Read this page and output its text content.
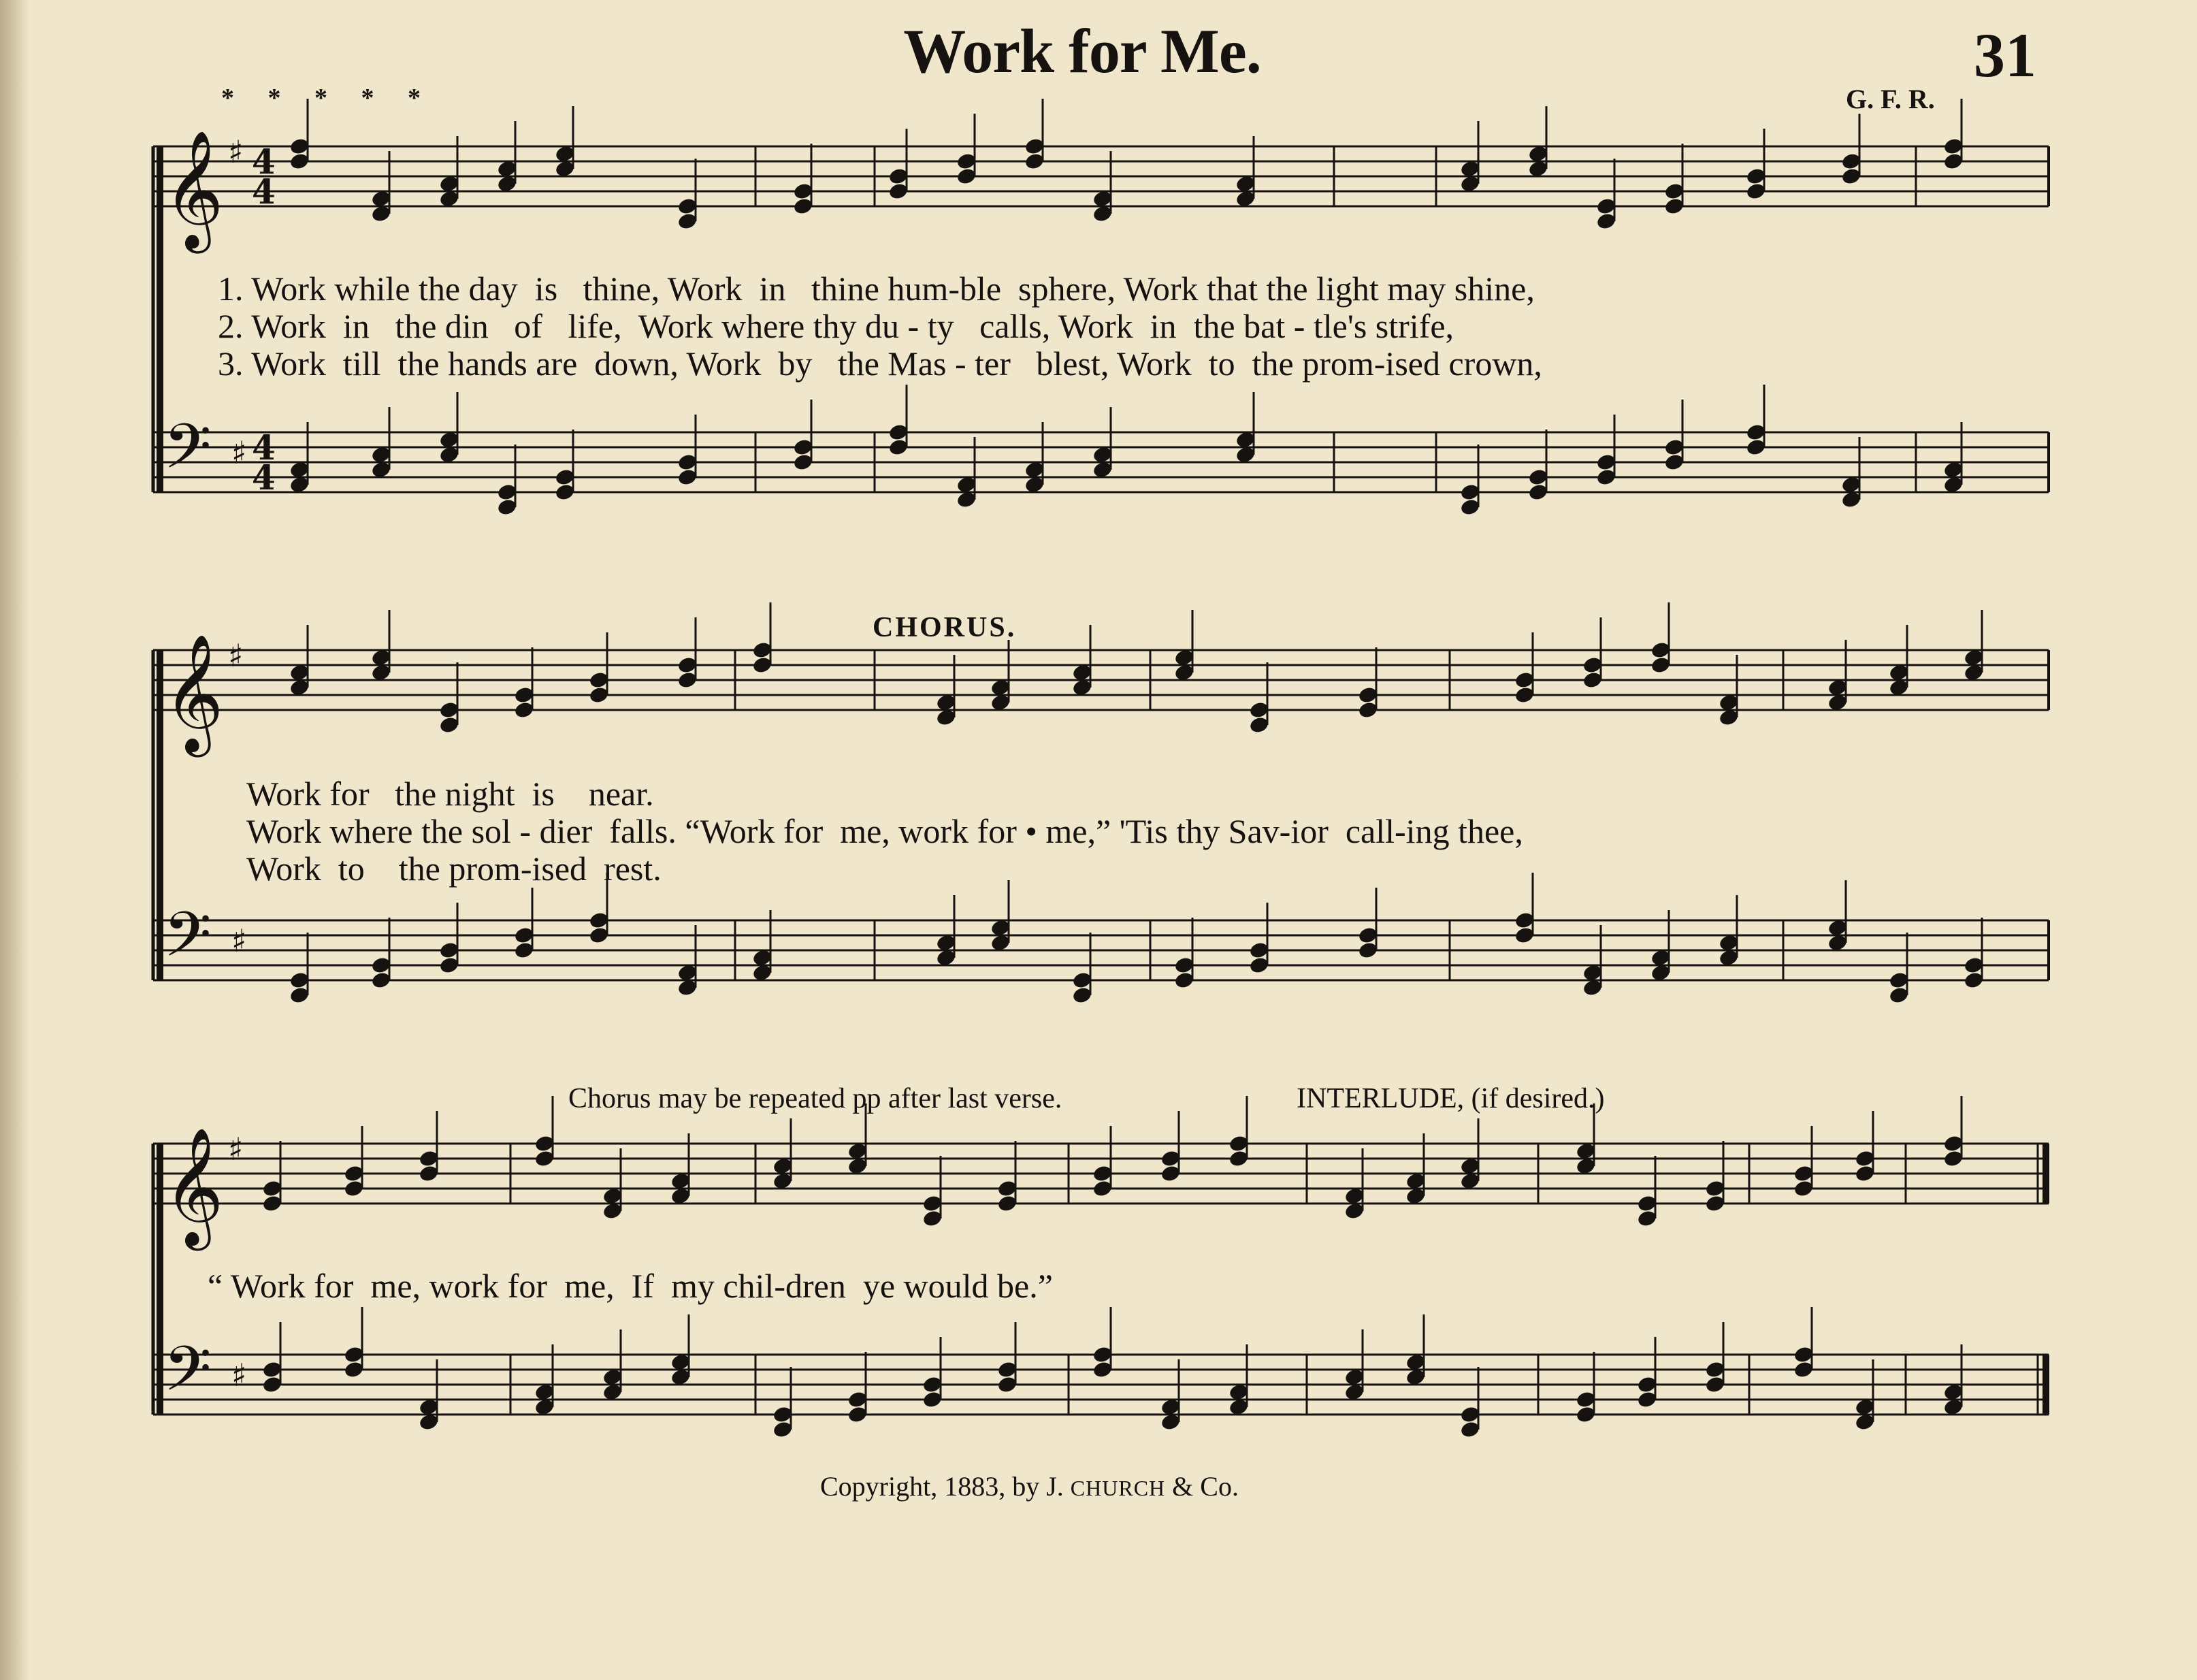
Work for Me.	31
* * * * *	G. F. R.
♯
𝄞
♯
𝄢
♯
𝄞
♯
𝄢
♯
𝄞
♯
𝄢
4
4
4
4
1. Work while the day  is   thine, Work  in   thine hum-ble  sphere, Work that the light may shine,
2. Work  in   the din   of   life,  Work where thy du - ty   calls, Work  in  the bat - tle's strife,
3. Work  till  the hands are  down, Work  by   the Mas - ter   blest, Work  to  the prom-ised crown,
CHORUS.
Work for   the night  is    near.
Work where the sol - dier  falls. “Work for  me, work for • me,” 'Tis thy Sav-ior  call-ing thee,
Work  to    the prom-ised  rest.
Chorus may be repeated pp after last verse.	INTERLUDE, (if desired.)
“ Work for  me, work for  me,  If  my chil-dren  ye would be.”
Copyright, 1883, by J. CHURCH & Co.
